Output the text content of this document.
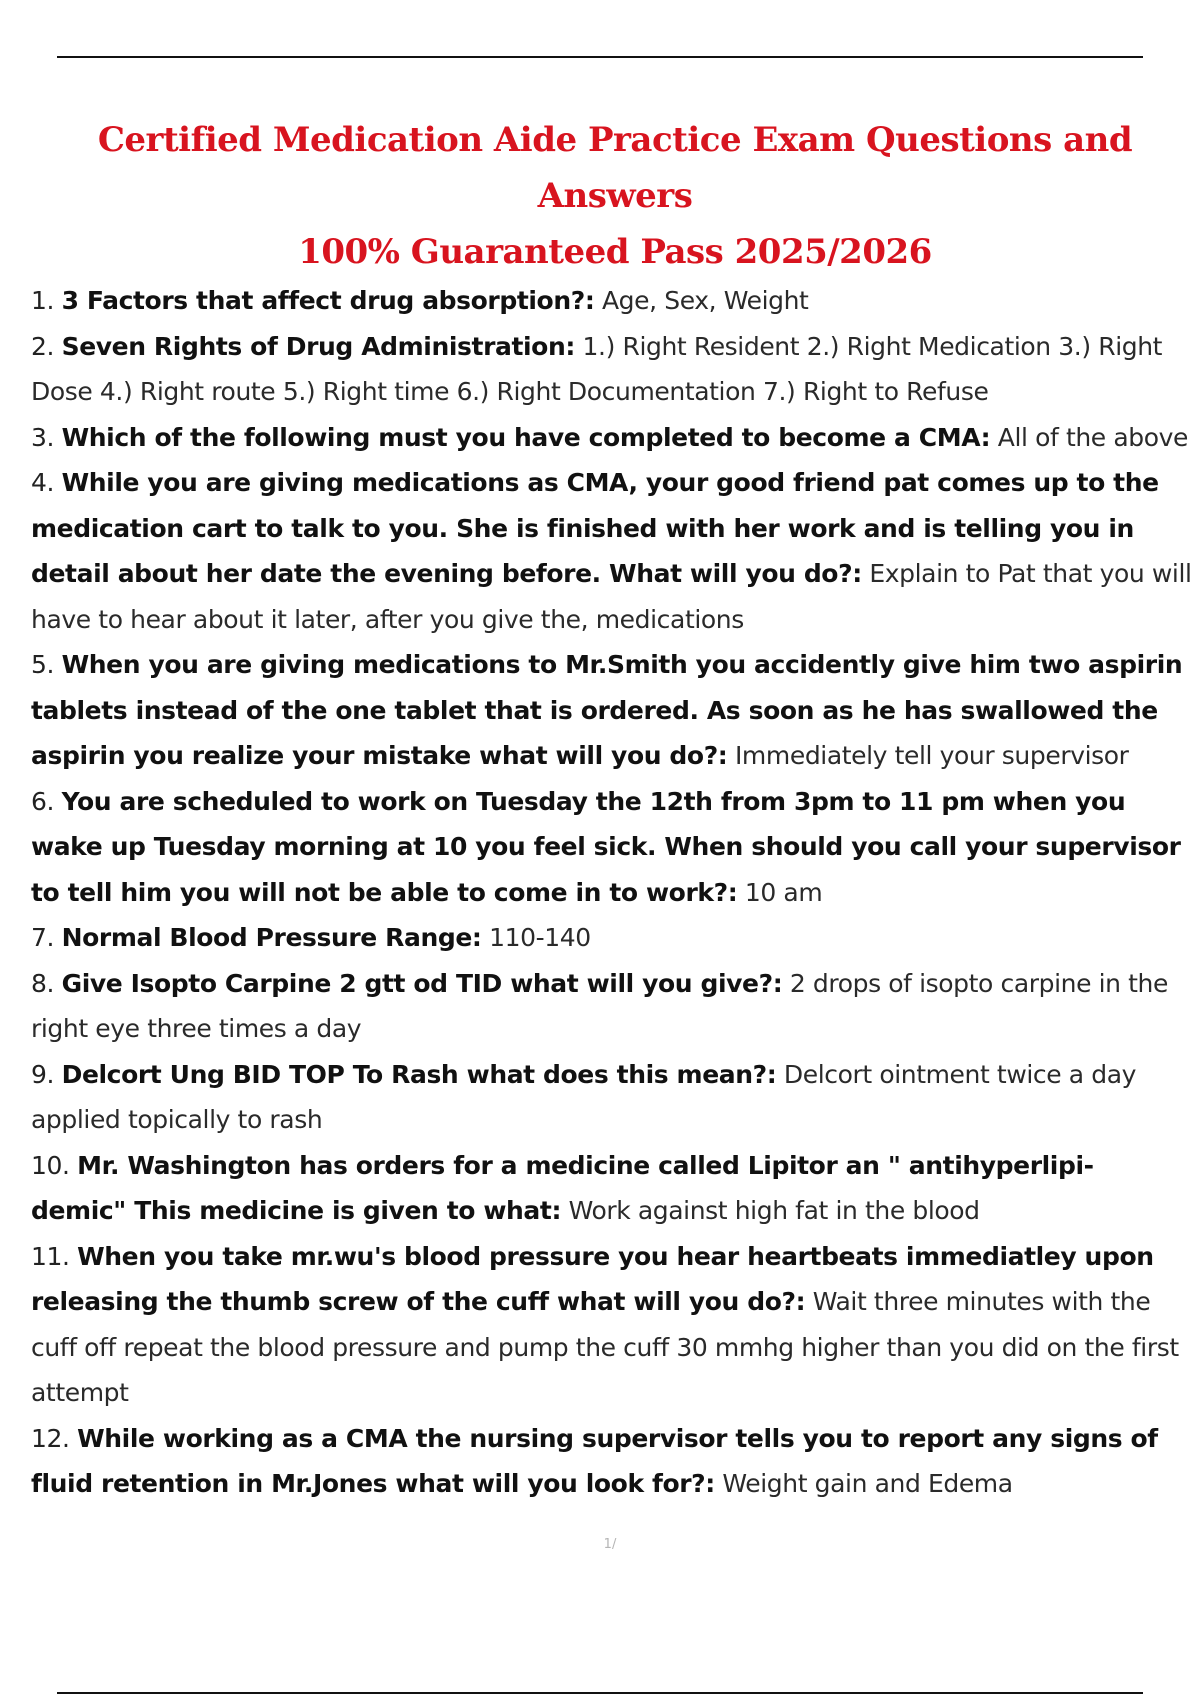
Certified Medication Aide Practice Exam Questions and Answers
100% Guaranteed Pass 2025/2026
1. 3 Factors that affect drug absorption?: Age, Sex, Weight
2. Seven Rights of Drug Administration: 1.) Right Resident 2.) Right Medication 3.) Right Dose 4.) Right route 5.) Right time 6.) Right Documentation 7.) Right to Refuse
3. Which of the following must you have completed to become a CMA: All of the above
4. While you are giving medications as CMA, your good friend pat comes up to the medication cart to talk to you. She is finished with her work and is telling you in detail about her date the evening before. What will you do?: Explain to Pat that you will have to hear about it later, after you give the, medications
5. When you are giving medications to Mr.Smith you accidently give him two aspirin tablets instead of the one tablet that is ordered. As soon as he has swallowed the aspirin you realize your mistake what will you do?: Immediately tell your supervisor
6. You are scheduled to work on Tuesday the 12th from 3pm to 11 pm when you wake up Tuesday morning at 10 you feel sick. When should you call your supervisor to tell him you will not be able to come in to work?: 10 am
7. Normal Blood Pressure Range: 110-140
8. Give Isopto Carpine 2 gtt od TID what will you give?: 2 drops of isopto carpine in the right eye three times a day
9. Delcort Ung BID TOP To Rash what does this mean?: Delcort ointment twice a day applied topically to rash
10. Mr. Washington has orders for a medicine called Lipitor an " antihyperlipi- demic" This medicine is given to what: Work against high fat in the blood
11. When you take mr.wu's blood pressure you hear heartbeats immediatley upon releasing the thumb screw of the cuff what will you do?: Wait three minutes with the cuff off repeat the blood pressure and pump the cuff 30 mmhg higher than you did on the first attempt
12. While working as a CMA the nursing supervisor tells you to report any signs of fluid retention in Mr.Jones what will you look for?: Weight gain and Edema
1/
